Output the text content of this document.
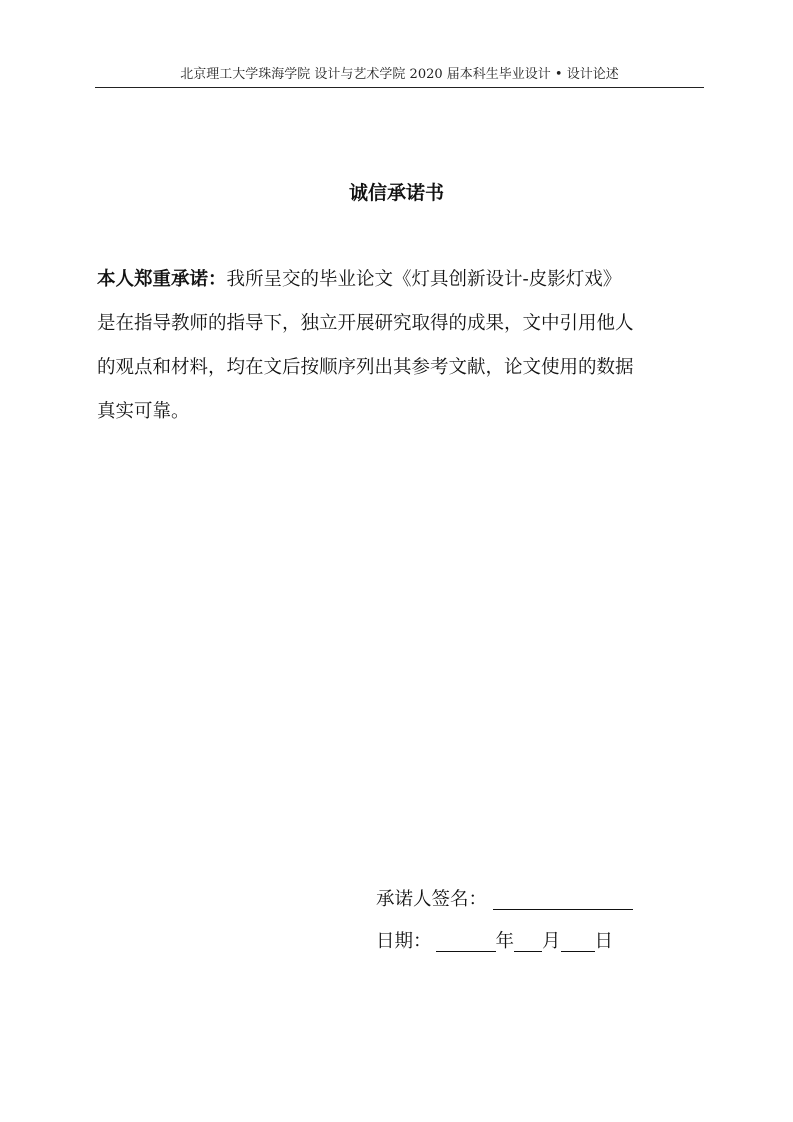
北京理工大学珠海学院 设计与艺术学院 2020 届本科生毕业设计 • 设计论述
诚信承诺书
本人郑重承诺：我所呈交的毕业论文《灯具创新设计-皮影灯戏》
是在指导教师的指导下，独立开展研究取得的成果，文中引用他人
的观点和材料，均在文后按顺序列出其参考文献，论文使用的数据
真实可靠。
承诺人签名：
日期：	年 月 日
